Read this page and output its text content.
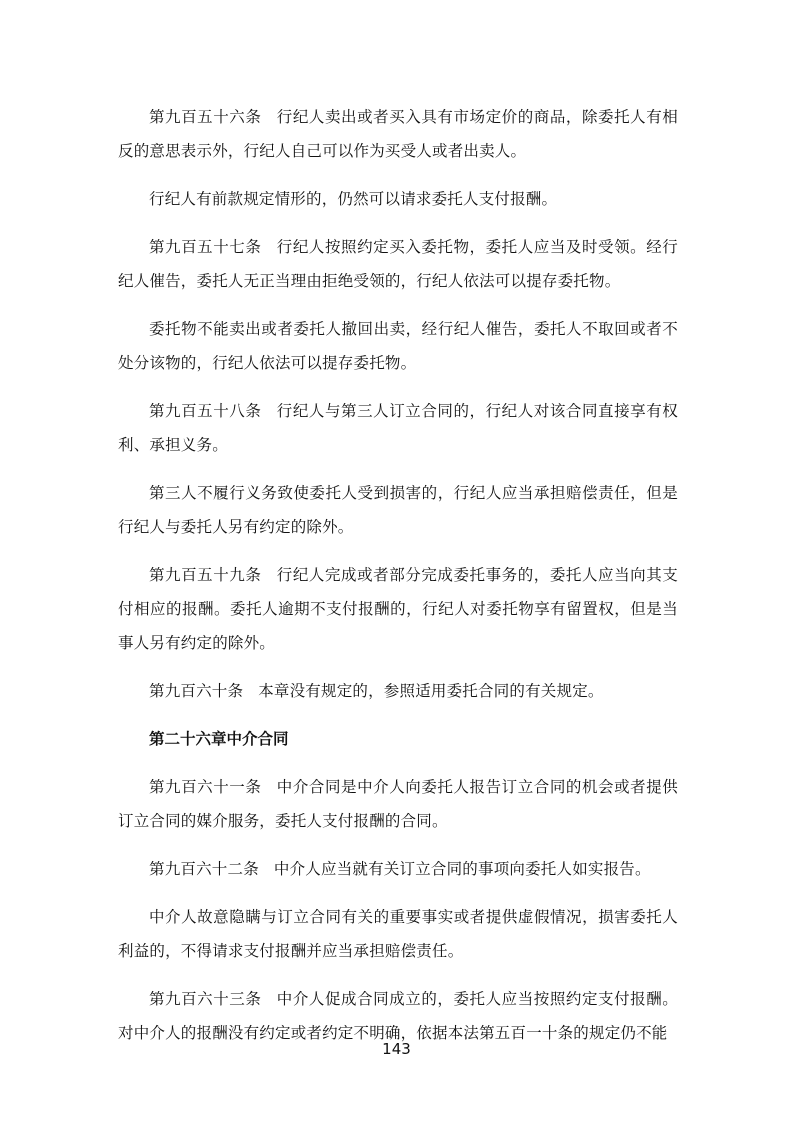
第九百五十六条 行纪人卖出或者买入具有市场定价的商品，除委托人有相反的意思表示外，行纪人自己可以作为买受人或者出卖人。

行纪人有前款规定情形的，仍然可以请求委托人支付报酬。

第九百五十七条 行纪人按照约定买入委托物，委托人应当及时受领。经行纪人催告，委托人无正当理由拒绝受领的，行纪人依法可以提存委托物。

委托物不能卖出或者委托人撤回出卖，经行纪人催告，委托人不取回或者不处分该物的，行纪人依法可以提存委托物。

第九百五十八条 行纪人与第三人订立合同的，行纪人对该合同直接享有权利、承担义务。

第三人不履行义务致使委托人受到损害的，行纪人应当承担赔偿责任，但是行纪人与委托人另有约定的除外。

第九百五十九条 行纪人完成或者部分完成委托事务的，委托人应当向其支付相应的报酬。委托人逾期不支付报酬的，行纪人对委托物享有留置权，但是当事人另有约定的除外。

第九百六十条 本章没有规定的，参照适用委托合同的有关规定。

第二十六章中介合同

第九百六十一条 中介合同是中介人向委托人报告订立合同的机会或者提供订立合同的媒介服务，委托人支付报酬的合同。

第九百六十二条 中介人应当就有关订立合同的事项向委托人如实报告。

中介人故意隐瞒与订立合同有关的重要事实或者提供虚假情况，损害委托人利益的，不得请求支付报酬并应当承担赔偿责任。

第九百六十三条 中介人促成合同成立的，委托人应当按照约定支付报酬。对中介人的报酬没有约定或者约定不明确，依据本法第五百一十条的规定仍不能

143
